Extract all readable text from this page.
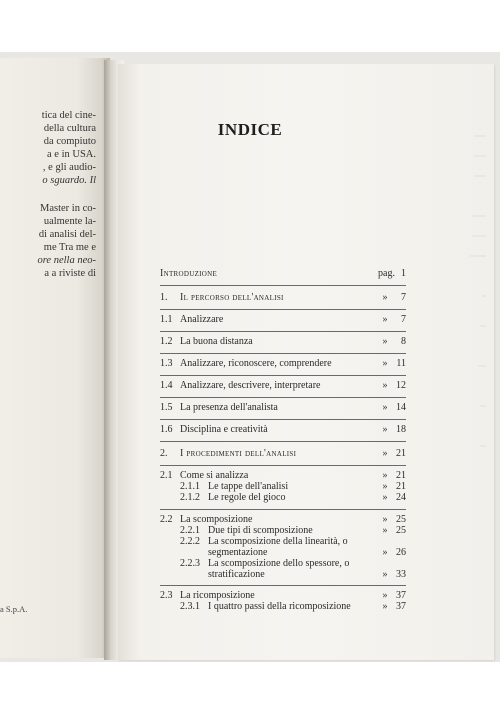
tica del cine-
della cultura
da compiuto
a e in USA.
, e gli audio-
o sguardo. Il
Master in co-
ualmente la-
di analisi del-
me Tra me e
ore nella neo-
a a riviste di
a S.p.A.
INDICE
Introduzione	pag. 1
1. Il percorso dell'analisi	»	7
1.1 Analizzare	»	7
1.2 La buona distanza	»	8
1.3 Analizzare, riconoscere, comprendere	» 11
1.4 Analizzare, descrivere, interpretare	» 12
1.5 La presenza dell'analista	» 14
1.6 Disciplina e creatività	» 18
2. I procedimenti dell'analisi	» 21
2.1 Come si analizza	» 21
2.1.1 Le tappe dell'analisi	» 21
2.1.2 Le regole del gioco	» 24
2.2 La scomposizione	» 25
2.2.1 Due tipi di scomposizione	» 25
2.2.2 La scomposizione della linearità, o
segmentazione	» 26
2.2.3 La scomposizione dello spessore, o
stratificazione	» 33
2.3 La ricomposizione	» 37
2.3.1 I quattro passi della ricomposizione	» 37
